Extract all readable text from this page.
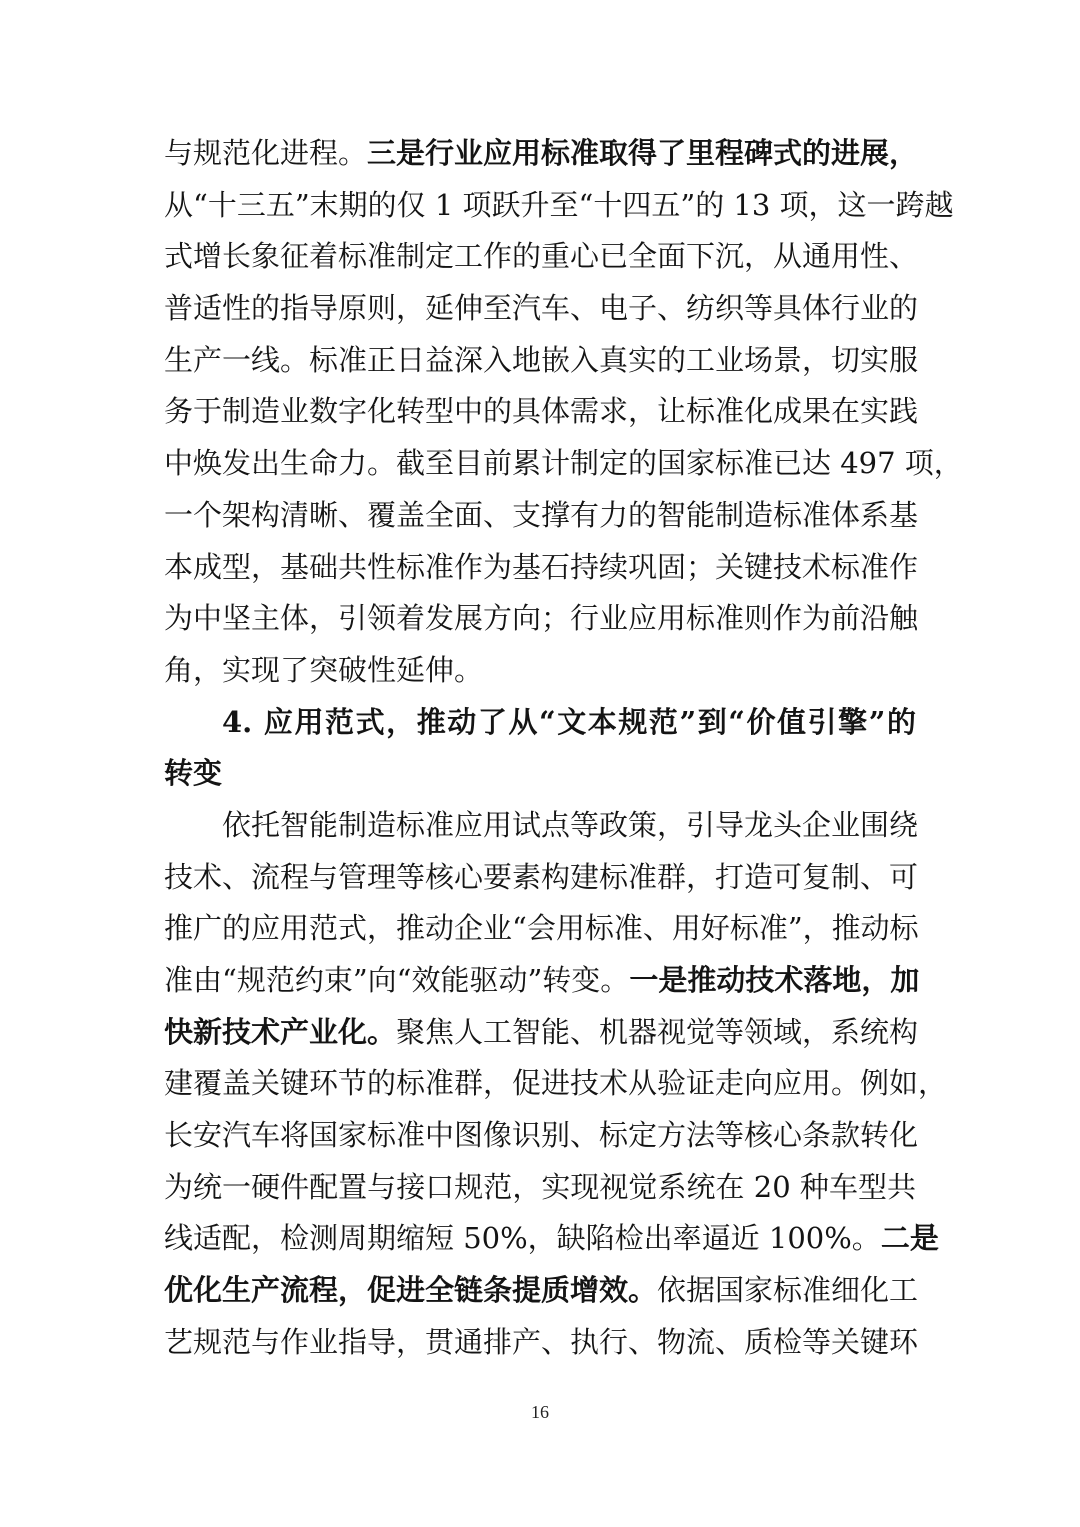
与规范化进程。三是行业应用标准取得了里程碑式的进展，
从“十三五”末期的仅 1 项跃升至“十四五”的 13 项，这一跨越
式增长象征着标准制定工作的重心已全面下沉，从通用性、
普适性的指导原则，延伸至汽车、电子、纺织等具体行业的
生产一线。标准正日益深入地嵌入真实的工业场景，切实服
务于制造业数字化转型中的具体需求，让标准化成果在实践
中焕发出生命力。截至目前累计制定的国家标准已达 497 项，
一个架构清晰、覆盖全面、支撑有力的智能制造标准体系基
本成型，基础共性标准作为基石持续巩固；关键技术标准作
为中坚主体，引领着发展方向；行业应用标准则作为前沿触
角，实现了突破性延伸。
4. 应用范式，推动了从“文本规范”到“价值引擎”的
转变
依托智能制造标准应用试点等政策，引导龙头企业围绕
技术、流程与管理等核心要素构建标准群，打造可复制、可
推广的应用范式，推动企业“会用标准、用好标准”，推动标
准由“规范约束”向“效能驱动”转变。一是推动技术落地，加
快新技术产业化。聚焦人工智能、机器视觉等领域，系统构
建覆盖关键环节的标准群，促进技术从验证走向应用。例如，
长安汽车将国家标准中图像识别、标定方法等核心条款转化
为统一硬件配置与接口规范，实现视觉系统在 20 种车型共
线适配，检测周期缩短 50%，缺陷检出率逼近 100%。二是
优化生产流程，促进全链条提质增效。依据国家标准细化工
艺规范与作业指导，贯通排产、执行、物流、质检等关键环
16
